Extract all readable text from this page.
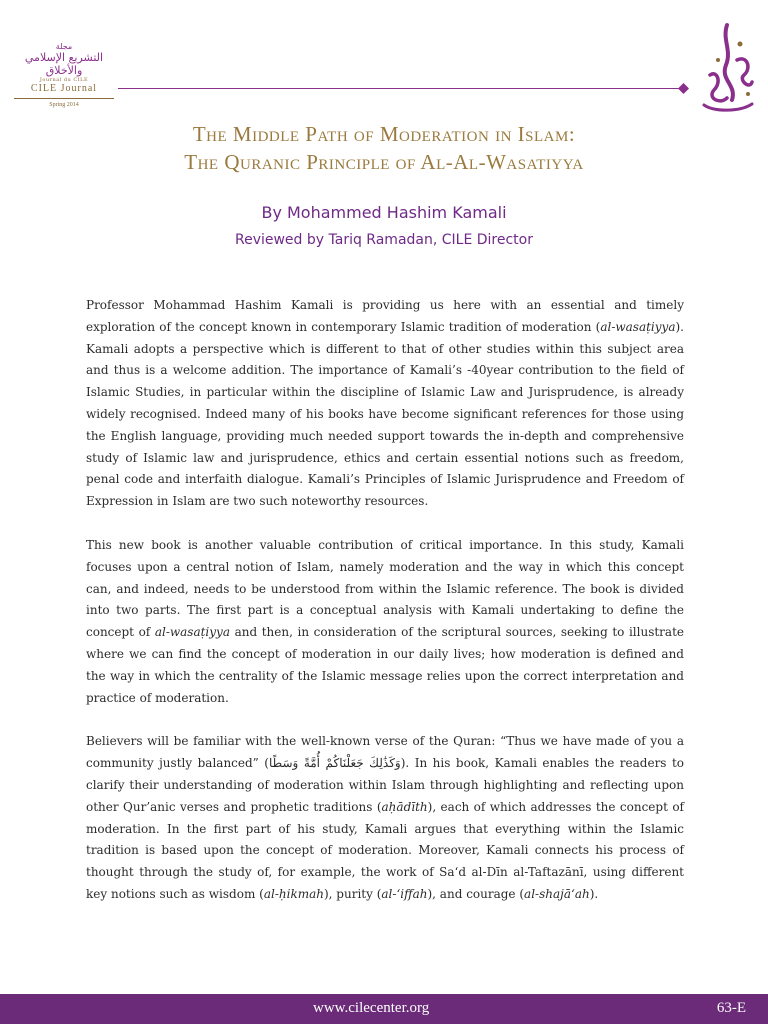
مجلة
التشريع الإسلامي والأخلاق
Journal du CILE
CILE Journal
Spring 2014
The Middle Path of Moderation in Islam:
The Quranic Principle of Al-Al-Wasatiyya
By Mohammed Hashim Kamali
Reviewed by Tariq Ramadan, CILE Director

Professor Mohammad Hashim Kamali is providing us here with an essential and timely exploration of the concept known in contemporary Islamic tradition of moderation (al-wasaṭiyya). Kamali adopts a perspective which is different to that of other studies within this subject area and thus is a welcome addition. The importance of Kamali’s -40year contribution to the field of Islamic Studies, in particular within the discipline of Islamic Law and Jurisprudence, is already widely recognised. Indeed many of his books have become significant references for those using the English language, providing much needed support towards the in-depth and comprehensive study of Islamic law and jurisprudence, ethics and certain essential notions such as freedom, penal code and interfaith dialogue. Kamali’s Principles of Islamic Jurisprudence and Freedom of Expression in Islam are two such noteworthy resources.

This new book is another valuable contribution of critical importance. In this study, Kamali focuses upon a central notion of Islam, namely moderation and the way in which this concept can, and indeed, needs to be understood from within the Islamic reference. The book is divided into two parts. The first part is a conceptual analysis with Kamali undertaking to define the concept of al-wasaṭiyya and then, in consideration of the scriptural sources, seeking to illustrate where we can find the concept of moderation in our daily lives; how moderation is defined and the way in which the centrality of the Islamic message relies upon the correct interpretation and practice of moderation.

Believers will be familiar with the well-known verse of the Quran: “Thus we have made of you a community justly balanced” (وَكَذَٰلِكَ جَعَلْنَاكُمْ أُمَّةً وَسَطًا). In his book, Kamali enables the readers to clarify their understanding of moderation within Islam through highlighting and reflecting upon other Qur’anic verses and prophetic traditions (aḥādīth), each of which addresses the concept of moderation. In the first part of his study, Kamali argues that everything within the Islamic tradition is based upon the concept of moderation. Moreover, Kamali connects his process of thought through the study of, for example, the work of Sa‘d al-Dīn al-Taftazānī, using different key notions such as wisdom (al-ḥikmah), purity (al-‘iffah), and courage (al-shajā‘ah).

www.cilecenter.org	63-E
